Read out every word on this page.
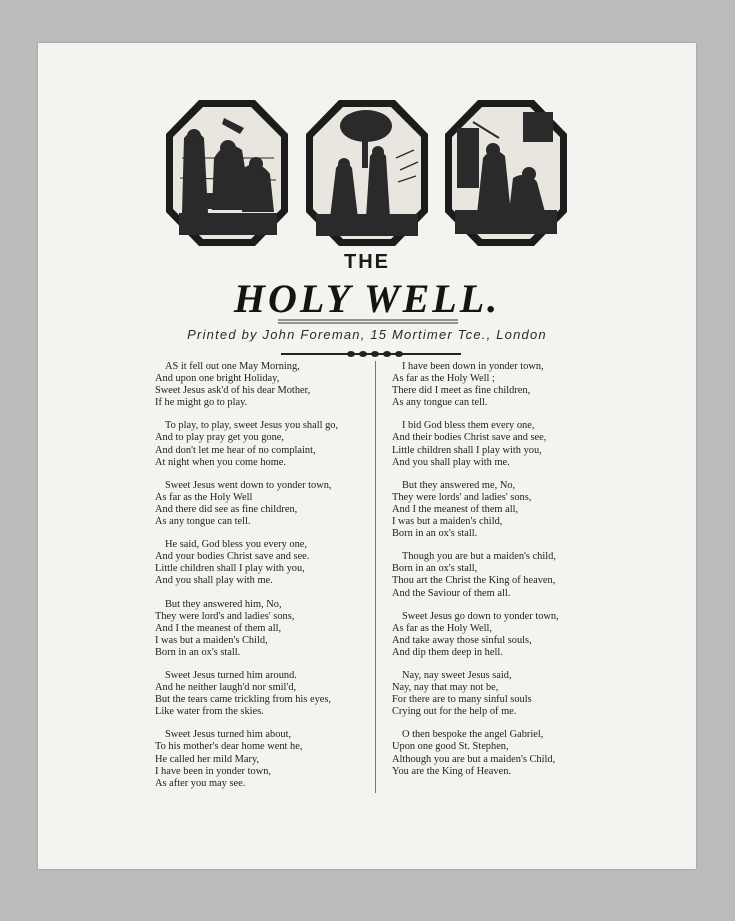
THE
HOLY WELL.
Printed by John Foreman, 15 Mortimer Tce., London
AS it fell out one May Morning,
And upon one bright Holiday,
Sweet Jesus ask'd of his dear Mother,
If he might go to play.
To play, to play, sweet Jesus you shall go,
And to play pray get you gone,
And don't let me hear of no complaint,
At night when you come home.
Sweet Jesus went down to yonder town,
As far as the Holy Well
And there did see as fine children,
As any tongue can tell.
He said, God bless you every one,
And your bodies Christ save and see.
Little children shall I play with you,
And you shall play with me.
But they answered him, No,
They were lord's and ladies' sons,
And I the meanest of them all,
I was but a maiden's Child,
Born in an ox's stall.
Sweet Jesus turned him around.
And he neither laugh'd nor smil'd,
But the tears came trickling from his eyes,
Like water from the skies.
Sweet Jesus turned him about,
To his mother's dear home went he,
He called her mild Mary,
I have been in yonder town,
As after you may see.
I have been down in yonder town,
As far as the Holy Well ;
There did I meet as fine children,
As any tongue can tell.
I bid God bless them every one,
And their bodies Christ save and see,
Little children shall I play with you,
And you shall play with me.
But they answered me, No,
They were lords' and ladies' sons,
And I the meanest of them all,
I was but a maiden's child,
Born in an ox's stall.
Though you are but a maiden's child,
Born in an ox's stall,
Thou art the Christ the King of heaven,
And the Saviour of them all.
Sweet Jesus go down to yonder town,
As far as the Holy Well,
And take away those sinful souls,
And dip them deep in hell.
Nay, nay sweet Jesus said,
Nay, nay that may not be,
For there are to many sinful souls
Crying out for the help of me.
O then bespoke the angel Gabriel,
Upon one good St. Stephen,
Although you are but a maiden's Child,
You are the King of Heaven.
